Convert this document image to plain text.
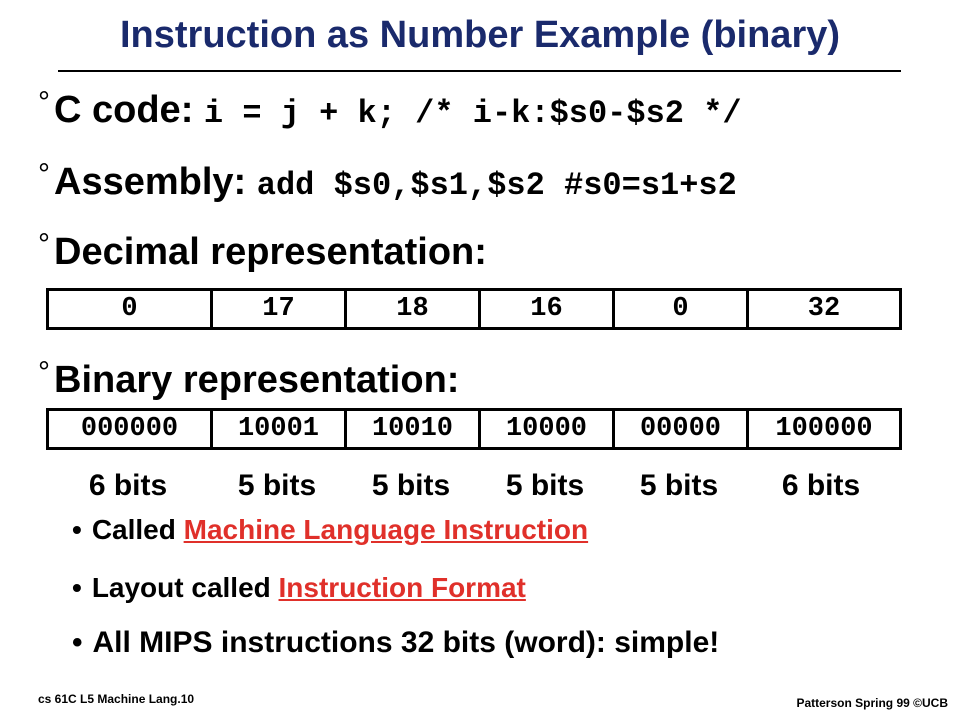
Instruction as Number Example (binary)
° C code: i = j + k; /* i-k:$s0-$s2 */
° Assembly: add $s0,$s1,$s2 #s0=s1+s2
° Decimal representation:
0	17	18	16	0	32
° Binary representation:
000000	10001	10010	10000	00000	100000
6 bits	5 bits	5 bits	5 bits	5 bits	6 bits
• Called Machine Language Instruction
• Layout called Instruction Format
• All MIPS instructions 32 bits (word): simple!
cs 61C L5 Machine Lang.10	Patterson Spring 99 ©UCB
